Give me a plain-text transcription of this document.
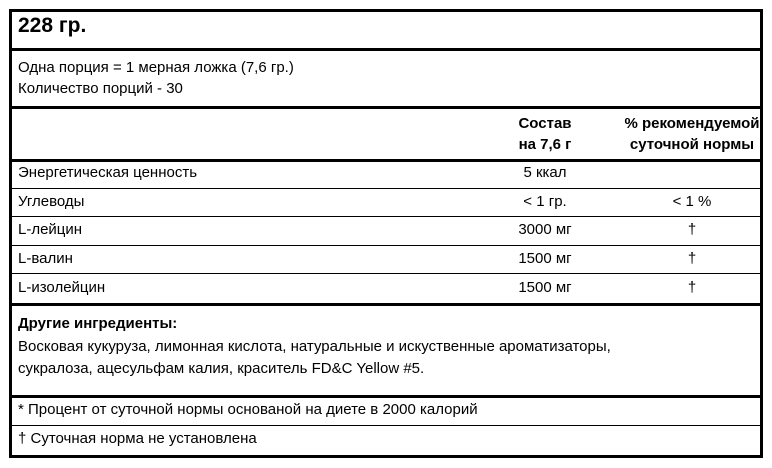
228 гр.
Одна порция = 1 мерная ложка (7,6 гр.)
Количество порций - 30
Состав
на 7,6 г
% рекомендуемой
суточной нормы
Энергетическая ценность	5 ккал
Углеводы	< 1 гр.	< 1 %
L-лейцин	3000 мг	†
L-валин	1500 мг	†
L-изолейцин	1500 мг	†
Другие ингредиенты:
Восковая кукуруза, лимонная кислота, натуральные и искуственные ароматизаторы,
сукралоза, ацесульфам калия, краситель FD&C Yellow #5.
* Процент от суточной нормы основаной на диете в 2000 калорий
† Суточная норма не установлена
